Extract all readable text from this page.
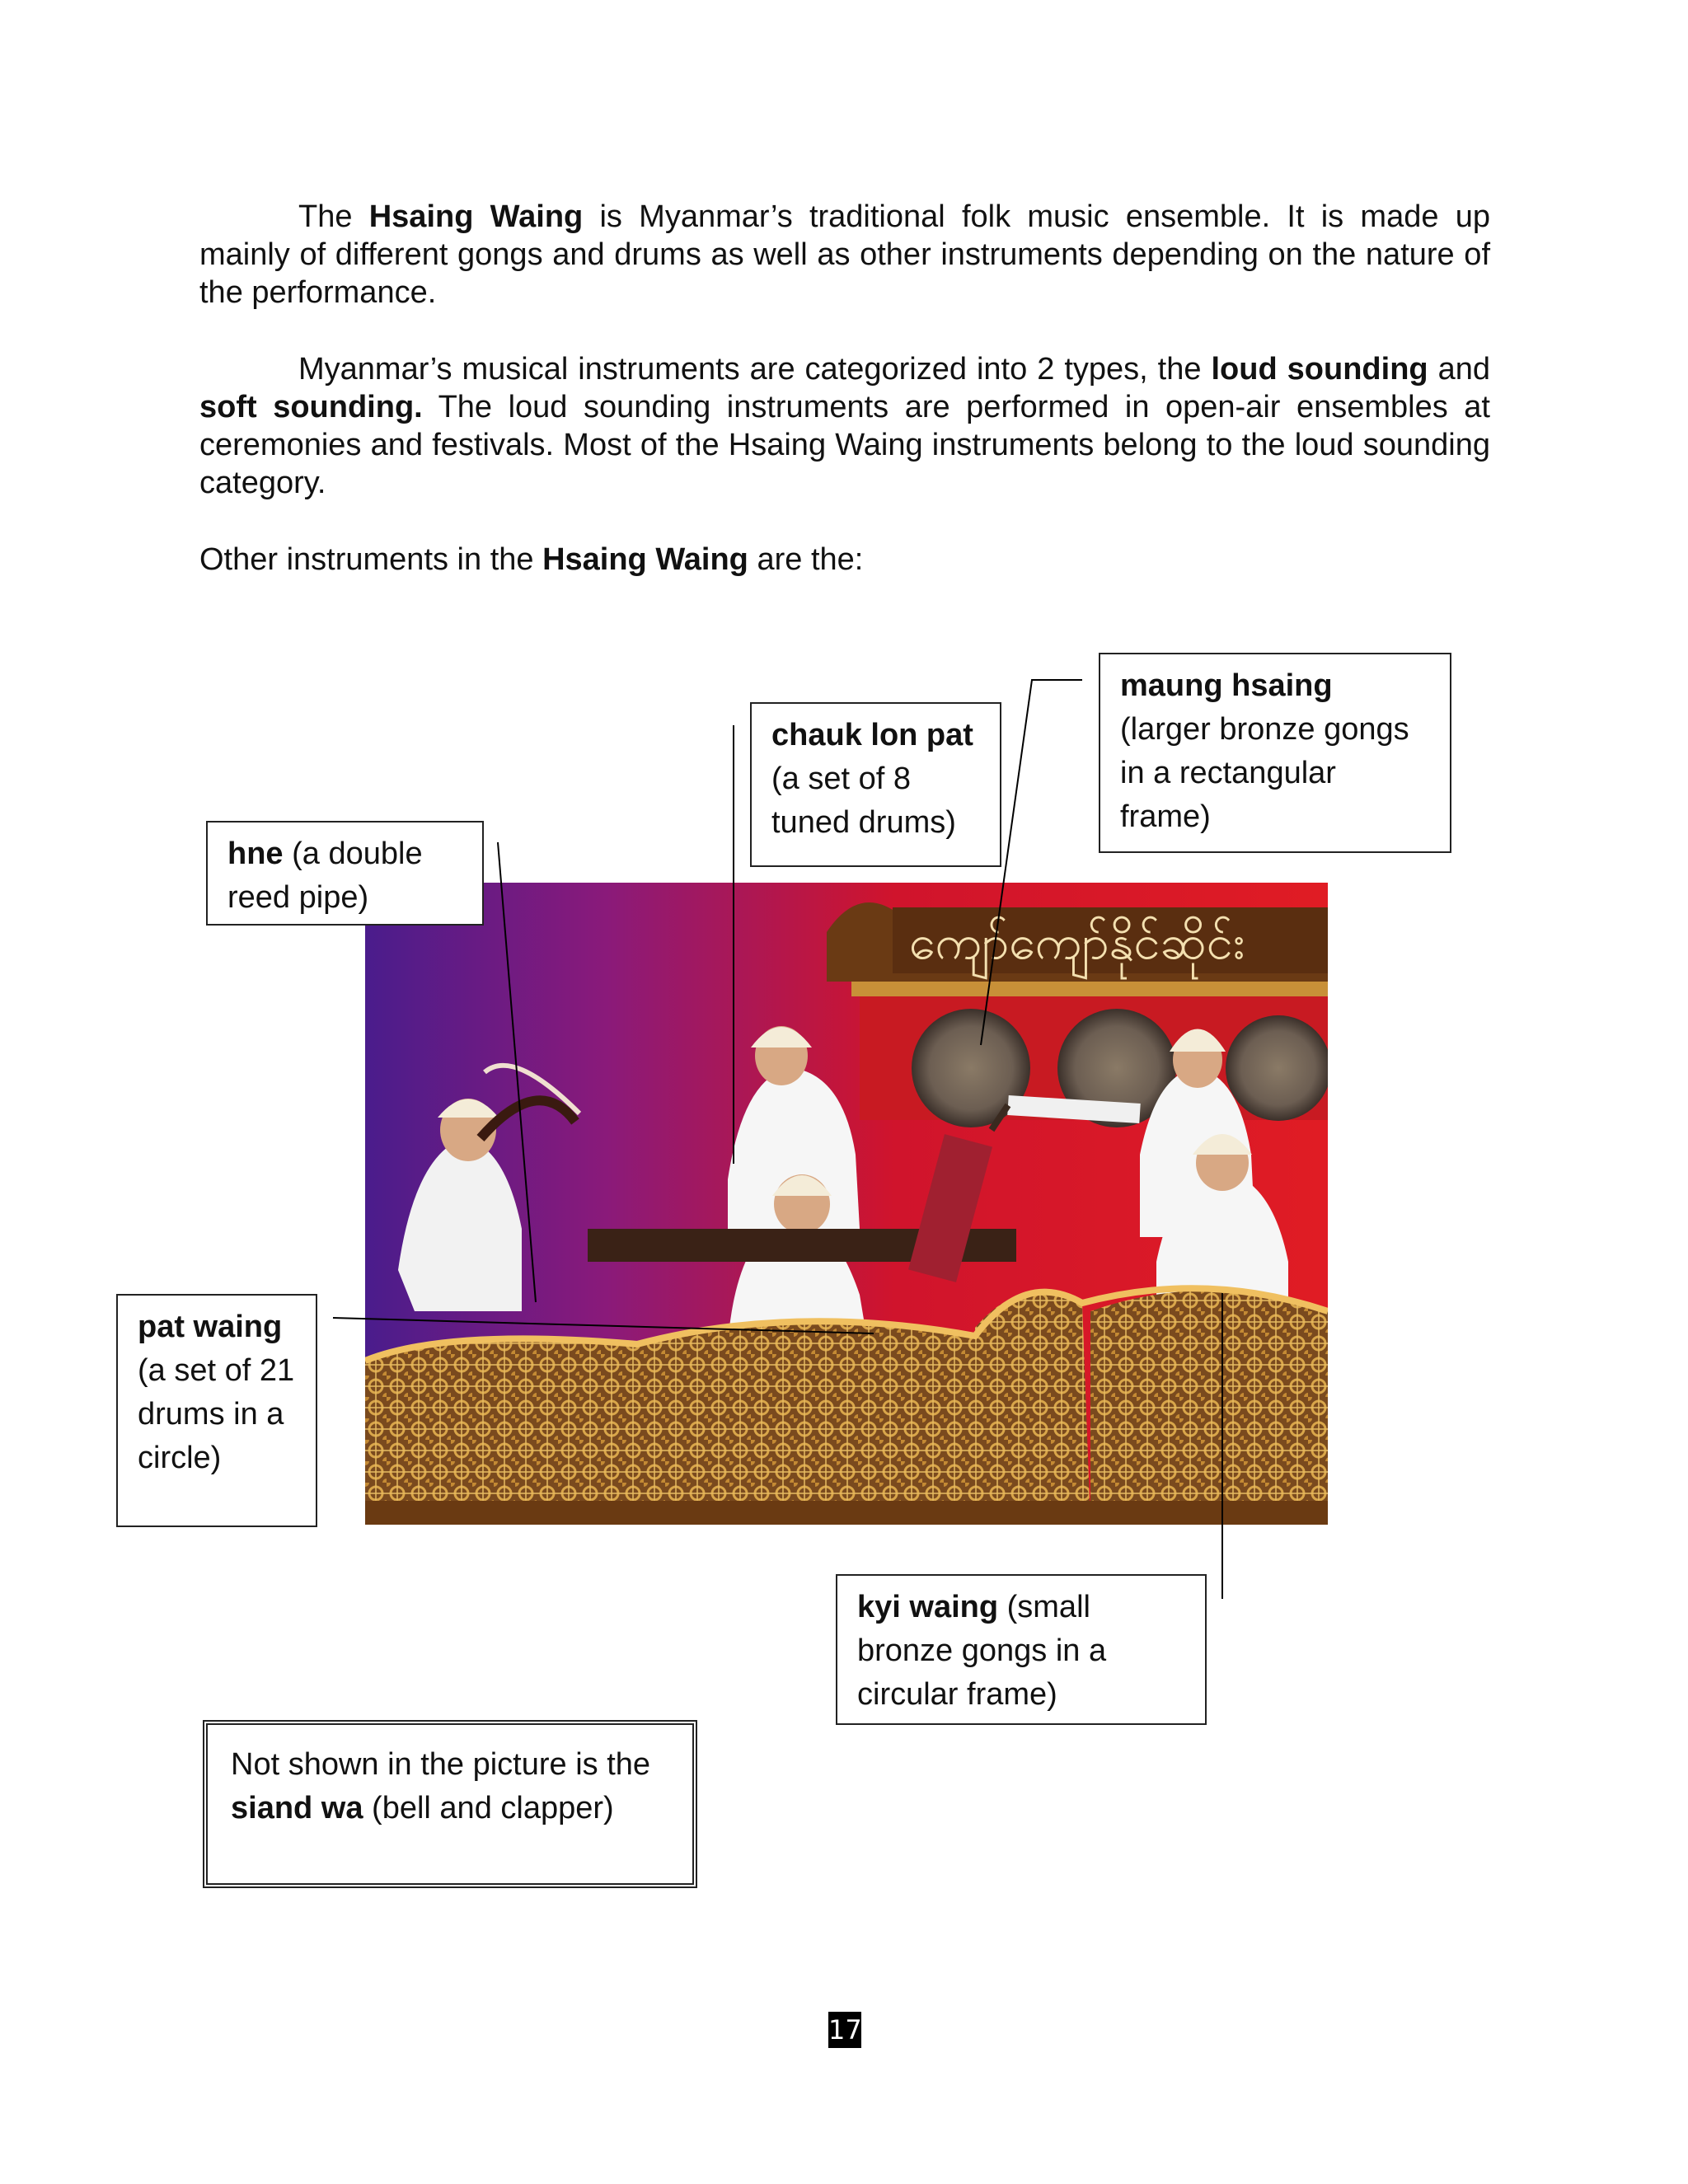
The Hsaing Waing is Myanmar’s traditional folk music ensemble. It is made up mainly of different gongs and drums as well as other instruments depending on the nature of the performance.

Myanmar’s musical instruments are categorized into 2 types, the loud sounding and soft sounding. The loud sounding instruments are performed in open-air ensembles at ceremonies and festivals. Most of the Hsaing Waing instruments belong to the loud sounding category.

Other instruments in the Hsaing Waing are the:

ကျော်ကျော်နိုင်ဆိုင်း
hne (a double reed pipe)
chauk lon pat (a set of 8 tuned drums)
maung hsaing (larger bronze gongs in a rectangular frame)
pat waing (a set of 21 drums in a circle)
kyi waing (small bronze gongs in a circular frame)
Not shown in the picture is the siand wa (bell and clapper)
17
